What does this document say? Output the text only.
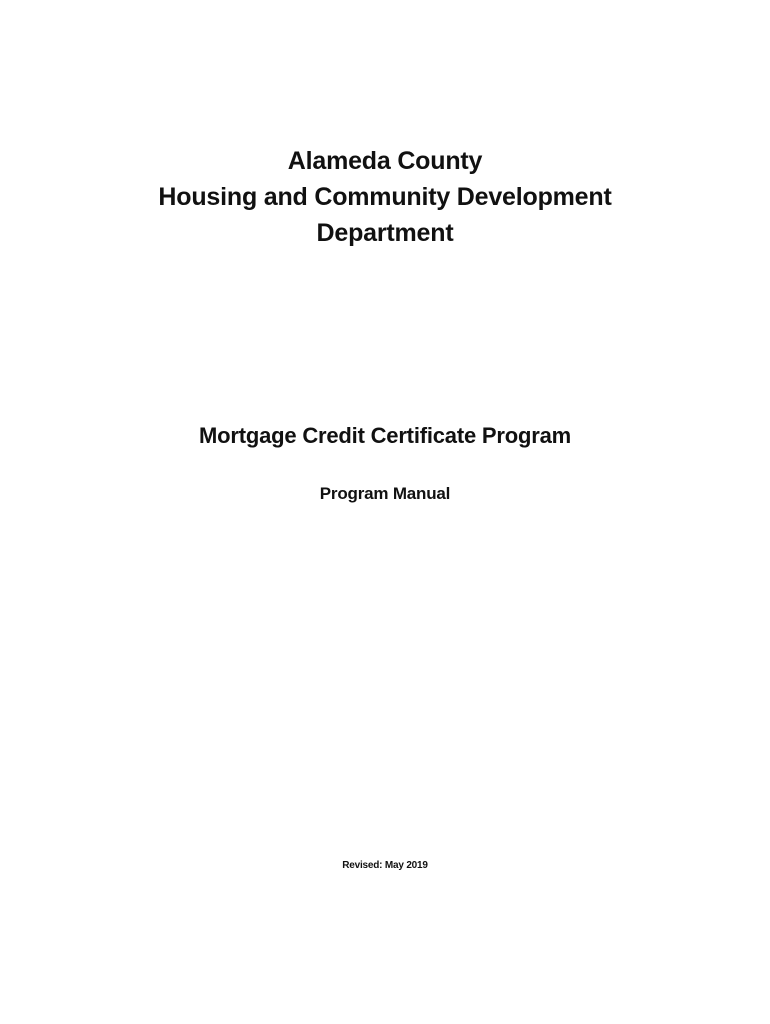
Alameda County
Housing and Community Development
Department
Mortgage Credit Certificate Program
Program Manual
Revised: May 2019
